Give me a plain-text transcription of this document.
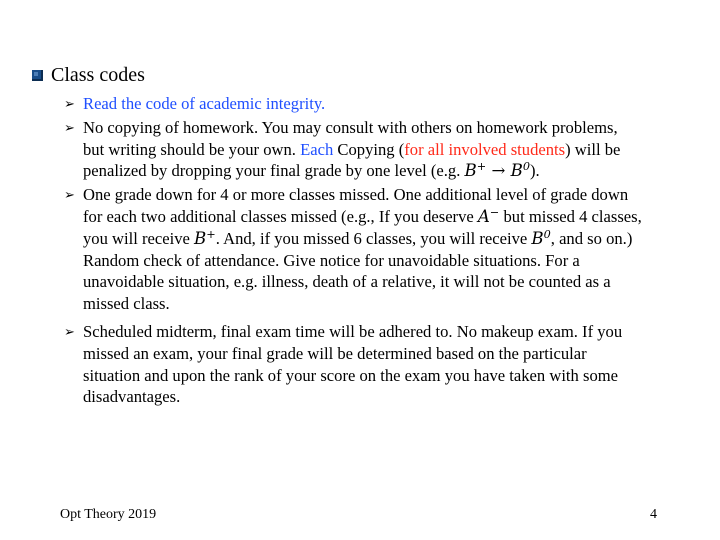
Class codes
➢ Read the code of academic integrity.
➢ No copying of homework. You may consult with others on homework problems,
but writing should be your own. Each Copying (for all involved students) will be
penalized by dropping your final grade by one level (e.g. $B^+ \to B^0$).
➢ One grade down for 4 or more classes missed. One additional level of grade down
for each two additional classes missed (e.g., If you deserve A− but missed 4 classes,
you will receive B+. And, if you missed 6 classes, you will receive $B^0$, and so on.)
Random check of attendance. Give notice for unavoidable situations. For a
unavoidable situation, e.g. illness, death of a relative, it will not be counted as a
missed class.
➢ Scheduled midterm, final exam time will be adhered to. No makeup exam. If you
missed an exam, your final grade will be determined based on the particular
situation and upon the rank of your score on the exam you have taken with some
disadvantages.
Opt Theory 2019	4
